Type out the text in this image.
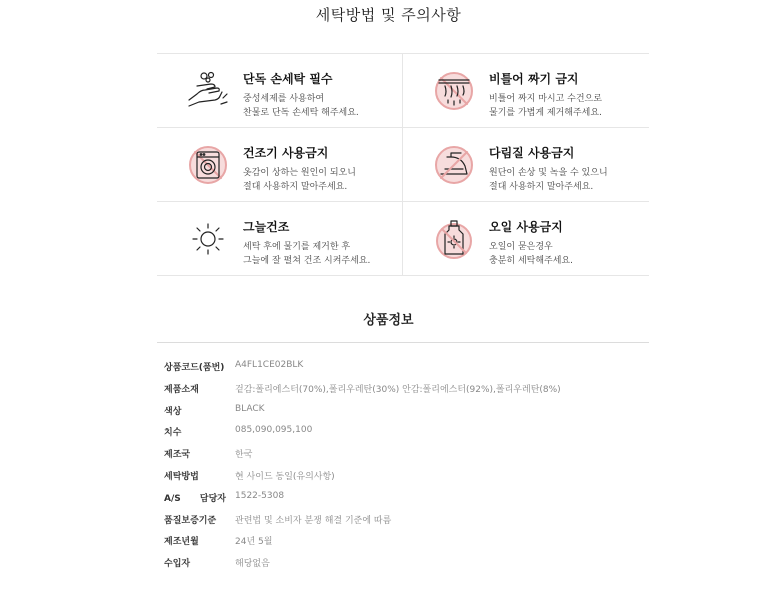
세탁방법 및 주의사항
단독 손세탁 필수
중성세제를 사용하여
찬물로 단독 손세탁 해주세요.
비틀어 짜기 금지
비틀어 짜지 마시고 수건으로
물기를 가볍게 제거해주세요.
건조기 사용금지
옷감이 상하는 원인이 되오니
절대 사용하지 말아주세요.
다림질 사용금지
원단이 손상 및 녹을 수 있으니
절대 사용하지 말아주세요.
그늘건조
세탁 후에 물기를 제거한 후
그늘에 잘 펼쳐 건조 시켜주세요.
오일 사용금지
오일이 묻은경우
충분히 세탁해주세요.
상품정보
상품코드(품번) A4FL1CE02BLK
제품소재	겉감:폴리에스터(70%),폴리우레탄(30%) 안감:폴리에스터(92%),폴리우레탄(8%)
색상	BLACK
치수	085,090,095,100
제조국	한국
세탁방법	현 사이드 동일(유의사항)
A/S 담당자 1522-5308
품질보증기준	관련법 및 소비자 분쟁 해결 기준에 따름
제조년월	24년 5월
수입자	해당없음
